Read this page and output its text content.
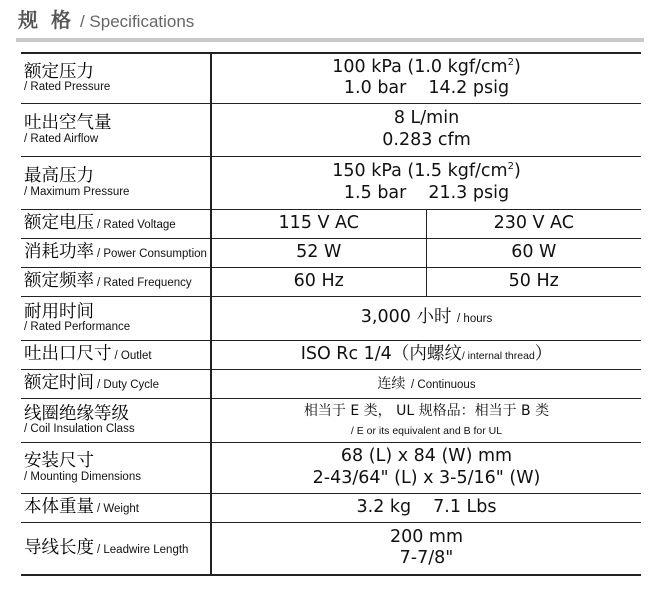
规 格 / Specifications
额定压力
/ Rated Pressure	100 kPa (1.0 kgf/$cm^2$)
1.0 bar 14.2 psig	

吐出空气量
/ Rated Airflow	8 L/min
0.283 cfm	

最高压力
/ Maximum Pressure	150 kPa (1.5 kgf/$cm^2$)
1.5 bar 21.3 psig	
额定电压 / Rated Voltage	115 V AC	230 V AC
消耗功率 / Power Consumption	52 W	60 W
额定频率 / Rated Frequency	60 Hz	50 Hz

耐用时间
/ Rated Performance	3,000 小时 / hours	
吐出口尺寸 / Outlet	ISO Rc 1/4（内螺纹/ internal thread）	
额定时间 / Duty Cycle	连续 / Continuous	

线圈绝缘等级
/ Coil Insulation Class	相当于 E 类， UL 规格品：相当于 B 类
/ E or its equivalent and B for UL	

安装尺寸
/ Mounting Dimensions	68 (L) x 84 (W) mm
2-43/64" (L) x 3-5/16" (W)	
本体重量 / Weight	3.2 kg 7.1 Lbs	
导线长度 / Leadwire Length	200 mm
7-7/8"	
